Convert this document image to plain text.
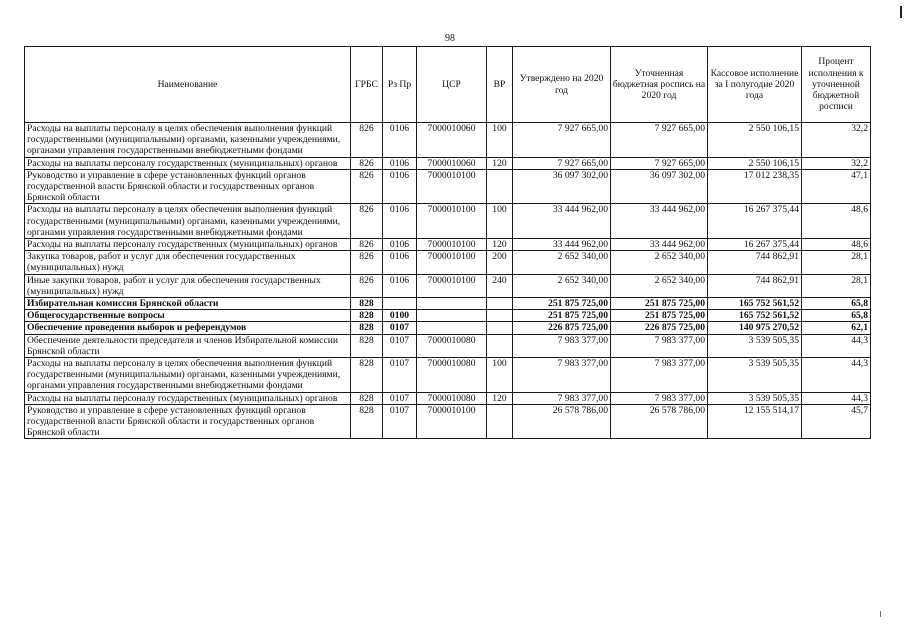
98
Наименование	ГРБС	Рз Пр	ЦСР	ВР	Утверждено на 2020 год	Уточненная бюджетная роспись на 2020 год	Кассовое исполнение за I полугодие 2020 года	Процент исполнения к уточненной бюджетной росписи
Расходы на выплаты персоналу в целях обеспечения выполнения функций государственными (муниципальными) органами, казенными учреждениями, органами управления государственными внебюджетными фондами	826	0106	7000010060	100	7 927 665,00	7 927 665,00	2 550 106,15	32,2
Расходы на выплаты персоналу государственных (муниципальных) органов	826	0106	7000010060	120	7 927 665,00	7 927 665,00	2 550 106,15	32,2
Руководство и управление в сфере установленных функций органов государственной власти Брянской области и государственных органов Брянской области	826	0106	7000010100		36 097 302,00	36 097 302,00	17 012 238,35	47,1
Расходы на выплаты персоналу в целях обеспечения выполнения функций государственными (муниципальными) органами, казенными учреждениями, органами управления государственными внебюджетными фондами	826	0106	7000010100	100	33 444 962,00	33 444 962,00	16 267 375,44	48,6
Расходы на выплаты персоналу государственных (муниципальных) органов	826	0106	7000010100	120	33 444 962,00	33 444 962,00	16 267 375,44	48,6
Закупка товаров, работ и услуг для обеспечения государственных (муниципальных) нужд	826	0106	7000010100	200	2 652 340,00	2 652 340,00	744 862,91	28,1
Иные закупки товаров, работ и услуг для обеспечения государственных (муниципальных) нужд	826	0106	7000010100	240	2 652 340,00	2 652 340,00	744 862,91	28,1
Избирательная комиссия Брянской области	828				251 875 725,00	251 875 725,00	165 752 561,52	65,8
Общегосударственные вопросы	828	0100			251 875 725,00	251 875 725,00	165 752 561,52	65,8
Обеспечение проведения выборов и референдумов	828	0107			226 875 725,00	226 875 725,00	140 975 270,52	62,1
Обеспечение деятельности председателя и членов Избирательной комиссии Брянской области	828	0107	7000010080		7 983 377,00	7 983 377,00	3 539 505,35	44,3
Расходы на выплаты персоналу в целях обеспечения выполнения функций государственными (муниципальными) органами, казенными учреждениями, органами управления государственными внебюджетными фондами	828	0107	7000010080	100	7 983 377,00	7 983 377,00	3 539 505,35	44,3
Расходы на выплаты персоналу государственных (муниципальных) органов	828	0107	7000010080	120	7 983 377,00	7 983 377,00	3 539 505,35	44,3
Руководство и управление в сфере установленных функций органов государственной власти Брянской области и государственных органов Брянской области	828	0107	7000010100		26 578 786,00	26 578 786,00	12 155 514,17	45,7
